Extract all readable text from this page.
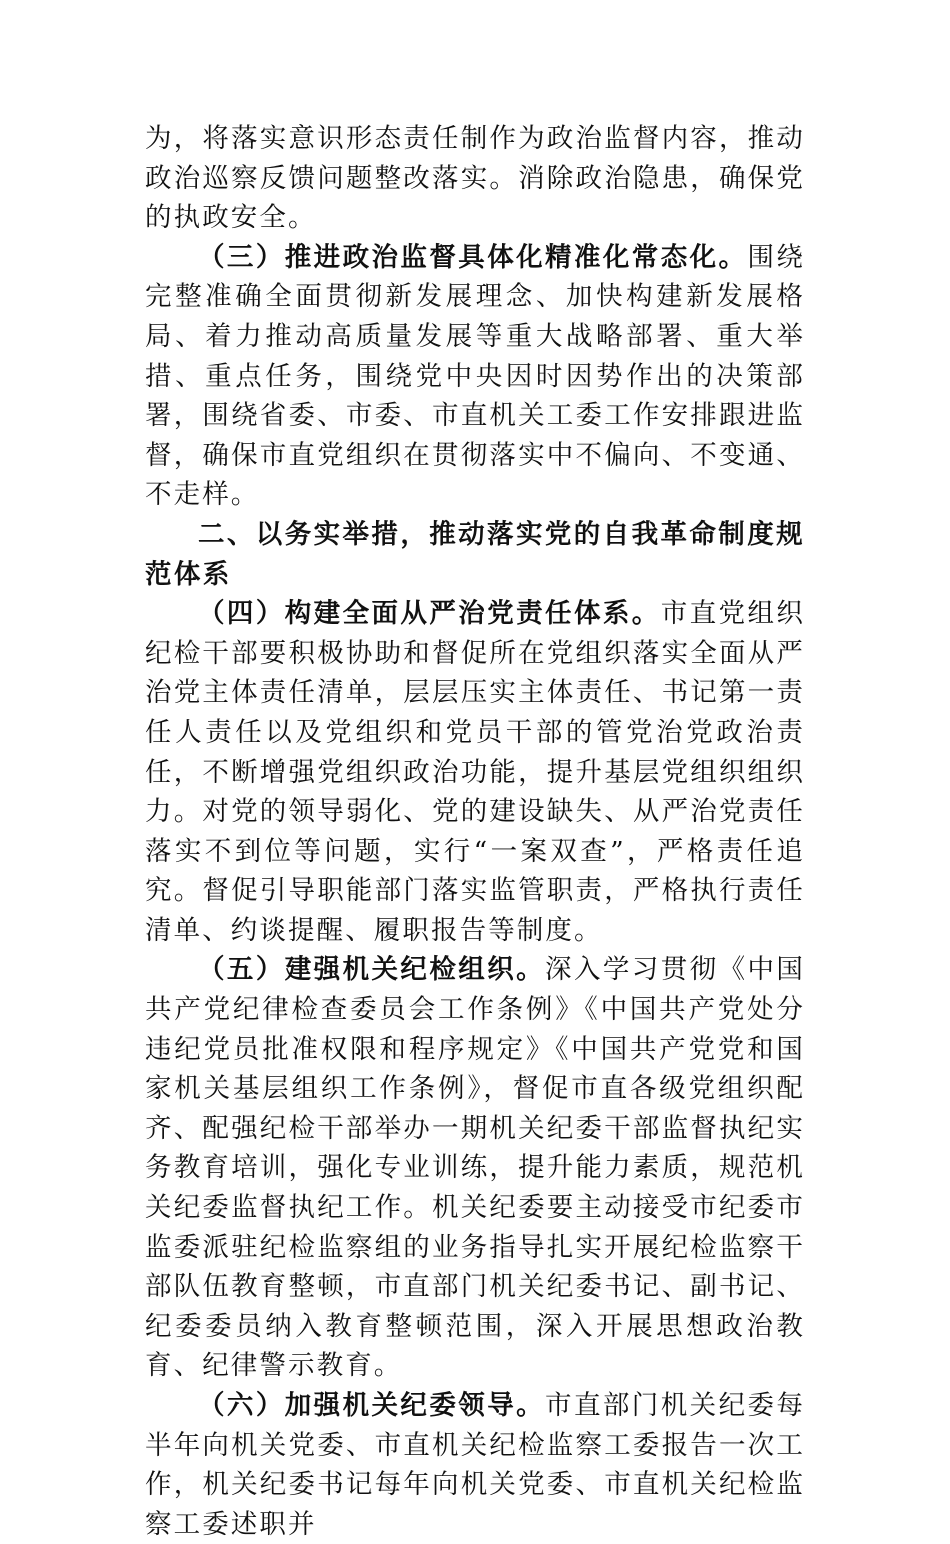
为，将落实意识形态责任制作为政治监督内容，推动政治巡察反馈问题整改落实。消除政治隐患，确保党的执政安全。

（三）推进政治监督具体化精准化常态化。围绕完整准确全面贯彻新发展理念、加快构建新发展格局、着力推动高质量发展等重大战略部署、重大举措、重点任务，围绕党中央因时因势作出的决策部署，围绕省委、市委、市直机关工委工作安排跟进监督，确保市直党组织在贯彻落实中不偏向、不变通、不走样。

二、以务实举措，推动落实党的自我革命制度规范体系

（四）构建全面从严治党责任体系。市直党组织纪检干部要积极协助和督促所在党组织落实全面从严治党主体责任清单，层层压实主体责任、书记第一责任人责任以及党组织和党员干部的管党治党政治责任，不断增强党组织政治功能，提升基层党组织组织力。对党的领导弱化、党的建设缺失、从严治党责任落实不到位等问题，实行“一案双查”，严格责任追究。督促引导职能部门落实监管职责，严格执行责任清单、约谈提醒、履职报告等制度。

（五）建强机关纪检组织。深入学习贯彻《中国共产党纪律检查委员会工作条例》《中国共产党处分违纪党员批准权限和程序规定》《中国共产党党和国家机关基层组织工作条例》，督促市直各级党组织配齐、配强纪检干部举办一期机关纪委干部监督执纪实务教育培训，强化专业训练，提升能力素质，规范机关纪委监督执纪工作。机关纪委要主动接受市纪委市监委派驻纪检监察组的业务指导扎实开展纪检监察干部队伍教育整顿，市直部门机关纪委书记、副书记、纪委委员纳入教育整顿范围，深入开展思想政治教育、纪律警示教育。

（六）加强机关纪委领导。市直部门机关纪委每半年向机关党委、市直机关纪检监察工委报告一次工作，机关纪委书记每年向机关党委、市直机关纪检监察工委述职并
